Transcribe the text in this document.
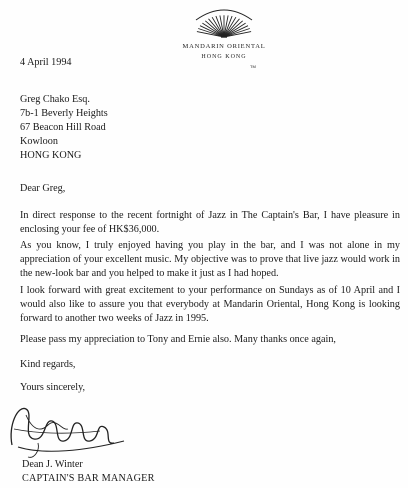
MANDARIN ORIENTAL
HONG KONG
TM
4 April 1994
Greg Chako Esq.
7b-1 Beverly Heights
67 Beacon Hill Road
Kowloon
HONG KONG
Dear Greg,
In direct response to the recent fortnight of Jazz in The Captain's Bar, I have pleasure in enclosing your fee of HK$36,000.
As you know, I truly enjoyed having you play in the bar, and I was not alone in my appreciation of your excellent music. My objective was to prove that live jazz would work in the new-look bar and you helped to make it just as I had hoped.
I look forward with great excitement to your performance on Sundays as of 10 April and I would also like to assure you that everybody at Mandarin Oriental, Hong Kong is looking forward to another two weeks of Jazz in 1995.
Please pass my appreciation to Tony and Ernie also. Many thanks once again,
Kind regards,
Yours sincerely,
Dean J. Winter
CAPTAIN'S BAR MANAGER
